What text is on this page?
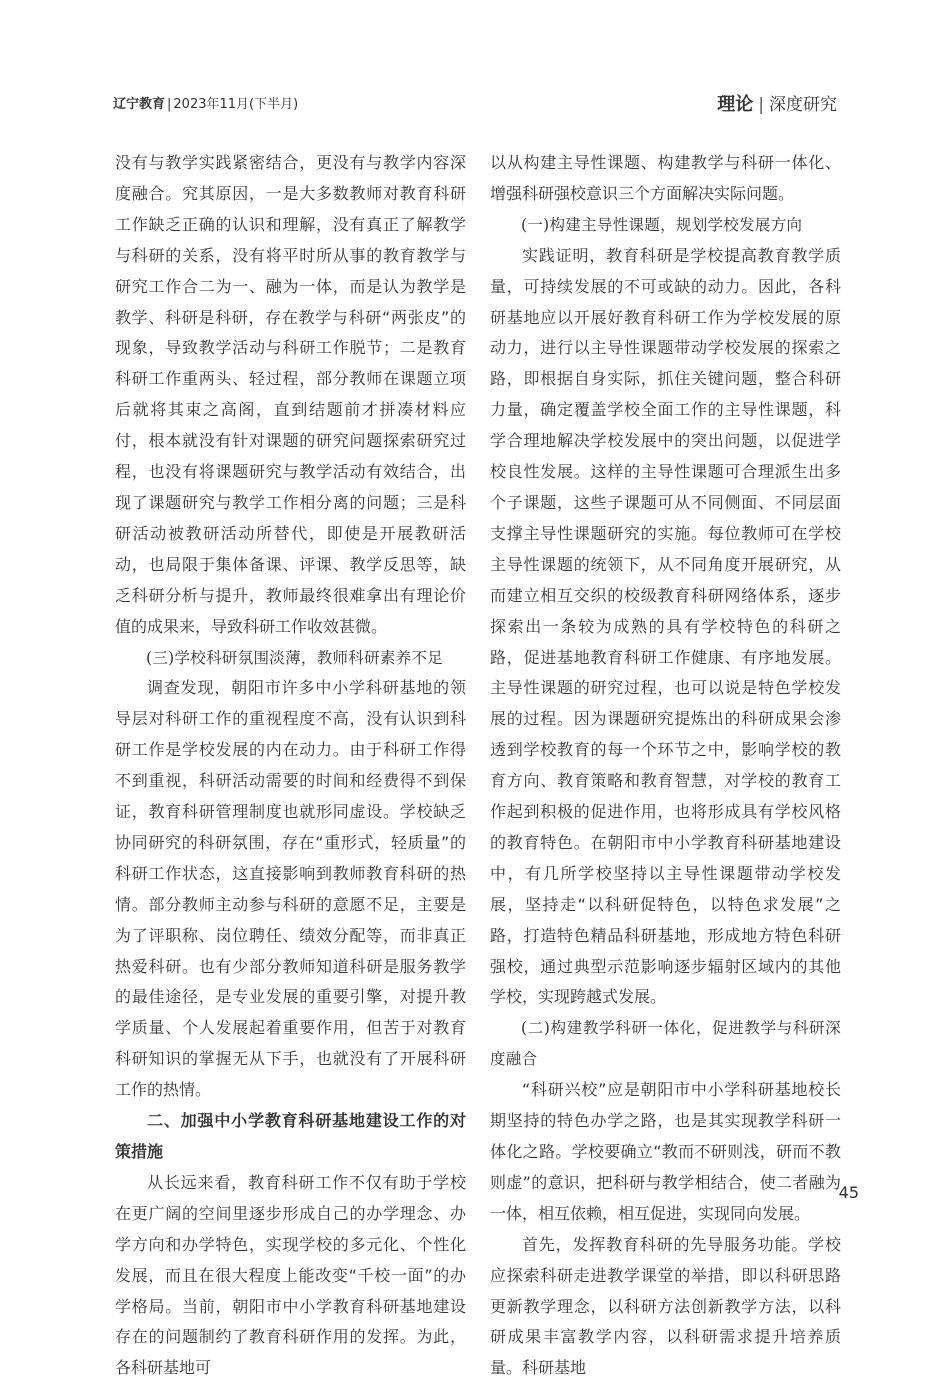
辽宁教育 | 2023年11月(下半月)	理论 | 深度研究

没有与教学实践紧密结合，更没有与教学内容深度融合。究其原因，一是大多数教师对教育科研工作缺乏正确的认识和理解，没有真正了解教学与科研的关系，没有将平时所从事的教育教学与研究工作合二为一、融为一体，而是认为教学是教学、科研是科研，存在教学与科研“两张皮”的现象，导致教学活动与科研工作脱节；二是教育科研工作重两头、轻过程，部分教师在课题立项后就将其束之高阁，直到结题前才拼凑材料应付，根本就没有针对课题的研究问题探索研究过程，也没有将课题研究与教学活动有效结合，出现了课题研究与教学工作相分离的问题；三是科研活动被教研活动所替代，即使是开展教研活动，也局限于集体备课、评课、教学反思等，缺乏科研分析与提升，教师最终很难拿出有理论价值的成果来，导致科研工作收效甚微。

(三)学校科研氛围淡薄，教师科研素养不足

调查发现，朝阳市许多中小学科研基地的领导层对科研工作的重视程度不高，没有认识到科研工作是学校发展的内在动力。由于科研工作得不到重视，科研活动需要的时间和经费得不到保证，教育科研管理制度也就形同虚设。学校缺乏协同研究的科研氛围，存在“重形式，轻质量”的科研工作状态，这直接影响到教师教育科研的热情。部分教师主动参与科研的意愿不足，主要是为了评职称、岗位聘任、绩效分配等，而非真正热爱科研。也有少部分教师知道科研是服务教学的最佳途径，是专业发展的重要引擎，对提升教学质量、个人发展起着重要作用，但苦于对教育科研知识的掌握无从下手，也就没有了开展科研工作的热情。

二、加强中小学教育科研基地建设工作的对策措施

从长远来看，教育科研工作不仅有助于学校在更广阔的空间里逐步形成自己的办学理念、办学方向和办学特色，实现学校的多元化、个性化发展，而且在很大程度上能改变“千校一面”的办学格局。当前，朝阳市中小学教育科研基地建设存在的问题制约了教育科研作用的发挥。为此，各科研基地可

以从构建主导性课题、构建教学与科研一体化、增强科研强校意识三个方面解决实际问题。

(一)构建主导性课题，规划学校发展方向

实践证明，教育科研是学校提高教育教学质量，可持续发展的不可或缺的动力。因此，各科研基地应以开展好教育科研工作为学校发展的原动力，进行以主导性课题带动学校发展的探索之路，即根据自身实际，抓住关键问题，整合科研力量，确定覆盖学校全面工作的主导性课题，科学合理地解决学校发展中的突出问题，以促进学校良性发展。这样的主导性课题可合理派生出多个子课题，这些子课题可从不同侧面、不同层面支撑主导性课题研究的实施。每位教师可在学校主导性课题的统领下，从不同角度开展研究，从而建立相互交织的校级教育科研网络体系，逐步探索出一条较为成熟的具有学校特色的科研之路，促进基地教育科研工作健康、有序地发展。主导性课题的研究过程，也可以说是特色学校发展的过程。因为课题研究提炼出的科研成果会渗透到学校教育的每一个环节之中，影响学校的教育方向、教育策略和教育智慧，对学校的教育工作起到积极的促进作用，也将形成具有学校风格的教育特色。在朝阳市中小学教育科研基地建设中，有几所学校坚持以主导性课题带动学校发展，坚持走“以科研促特色，以特色求发展”之路，打造特色精品科研基地，形成地方特色科研强校，通过典型示范影响逐步辐射区域内的其他学校，实现跨越式发展。

(二)构建教学科研一体化，促进教学与科研深度融合

“科研兴校”应是朝阳市中小学科研基地校长期坚持的特色办学之路，也是其实现教学科研一体化之路。学校要确立“教而不研则浅，研而不教则虚”的意识，把科研与教学相结合，使二者融为一体，相互依赖，相互促进，实现同向发展。

首先，发挥教育科研的先导服务功能。学校应探索科研走进教学课堂的举措，即以科研思路更新教学理念，以科研方法创新教学方法，以科研成果丰富教学内容，以科研需求提升培养质量。科研基地

45
